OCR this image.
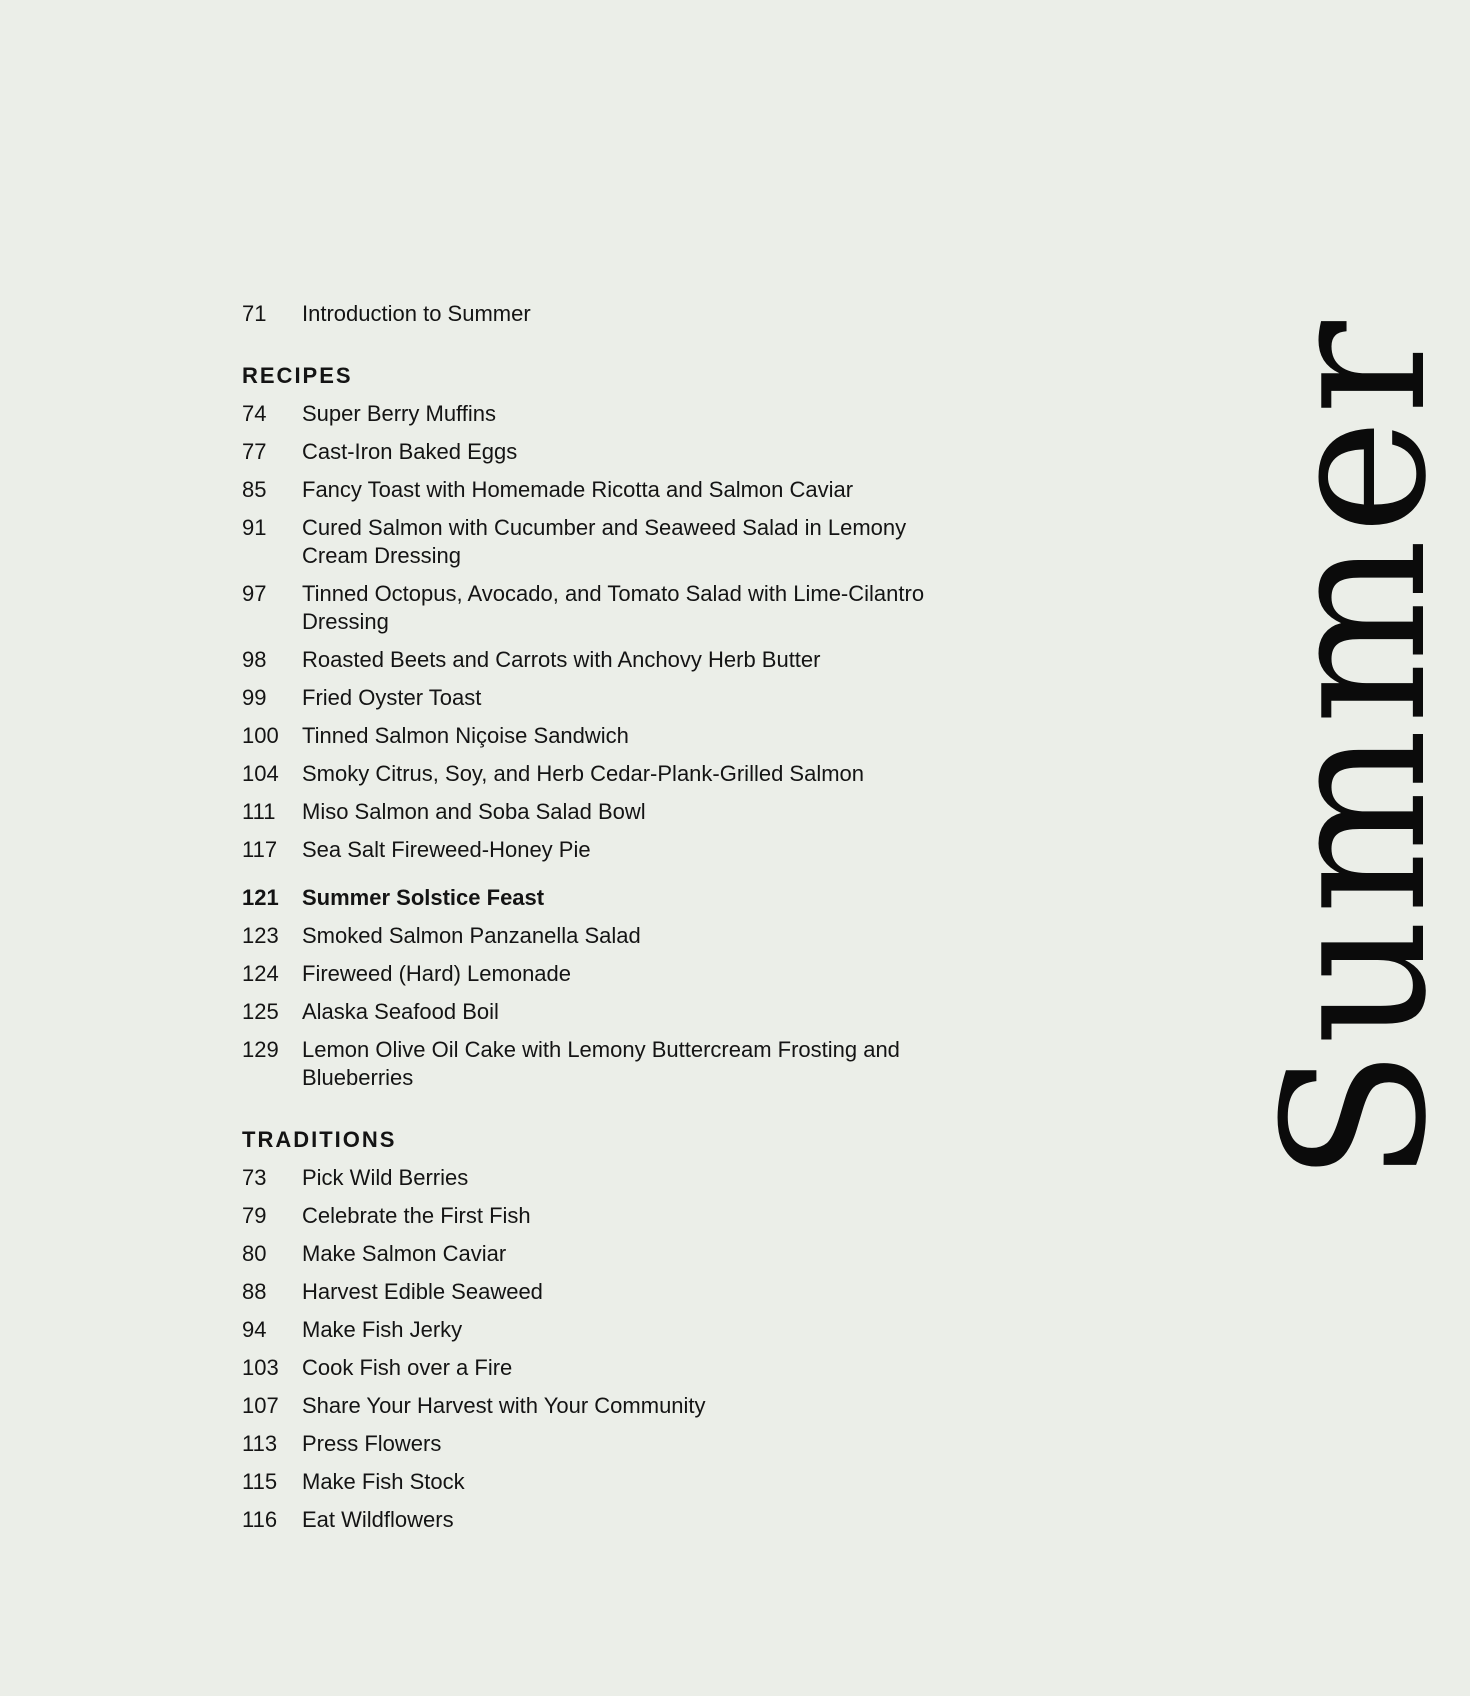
71	Introduction to Summer
RECIPES
74	Super Berry Muffins
77	Cast-Iron Baked Eggs
85	Fancy Toast with Homemade Ricotta and Salmon Caviar
91	Cured Salmon with Cucumber and Seaweed Salad in Lemony Cream Dressing
97	Tinned Octopus, Avocado, and Tomato Salad with Lime-Cilantro Dressing
98	Roasted Beets and Carrots with Anchovy Herb Butter
99	Fried Oyster Toast
100	Tinned Salmon Niçoise Sandwich
104	Smoky Citrus, Soy, and Herb Cedar-Plank-Grilled Salmon
111	Miso Salmon and Soba Salad Bowl
117	Sea Salt Fireweed-Honey Pie
121	Summer Solstice Feast
123	Smoked Salmon Panzanella Salad
124	Fireweed (Hard) Lemonade
125	Alaska Seafood Boil
129	Lemon Olive Oil Cake with Lemony Buttercream Frosting and Blueberries
TRADITIONS
73	Pick Wild Berries
79	Celebrate the First Fish
80	Make Salmon Caviar
88	Harvest Edible Seaweed
94	Make Fish Jerky
103	Cook Fish over a Fire
107	Share Your Harvest with Your Community
113	Press Flowers
115	Make Fish Stock
116	Eat Wildflowers
Summer
